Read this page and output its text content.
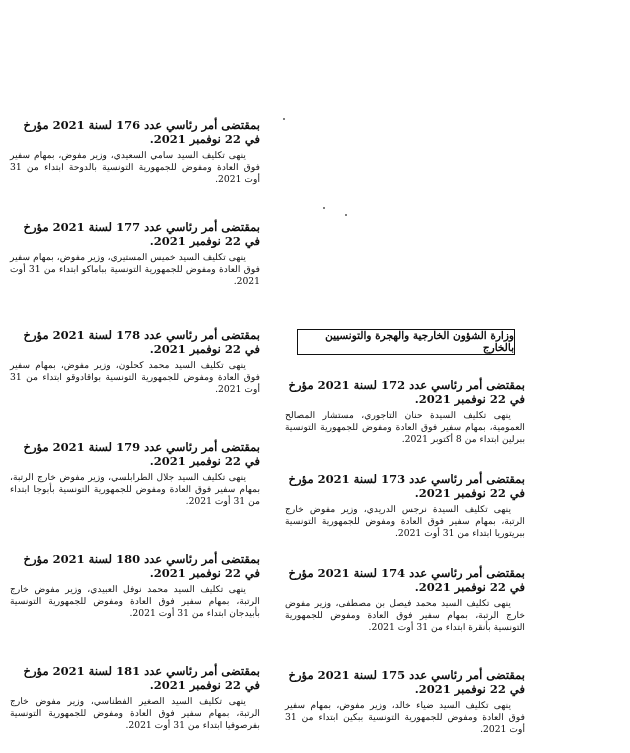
بمقتضى أمر رئاسي عدد 176 لسنة 2021 مؤرخ في 22 نوفمبر 2021.

ينهى تكليف السيد سامي السعيدي، وزير مفوض، بمهام سفير فوق العادة ومفوض للجمهورية التونسية بالدوحة ابتداء من 31 أوت 2021.

بمقتضى أمر رئاسي عدد 177 لسنة 2021 مؤرخ في 22 نوفمبر 2021.

ينهى تكليف السيد خميس المستيري، وزير مفوض، بمهام سفير فوق العادة ومفوض للجمهورية التونسية بباماكو ابتداء من 31 أوت 2021.

بمقتضى أمر رئاسي عدد 178 لسنة 2021 مؤرخ في 22 نوفمبر 2021.

ينهى تكليف السيد محمد كحلون، وزير مفوض، بمهام سفير فوق العادة ومفوض للجمهورية التونسية بواقادوقو ابتداء من 31 أوت 2021.

بمقتضى أمر رئاسي عدد 179 لسنة 2021 مؤرخ في 22 نوفمبر 2021.

ينهى تكليف السيد جلال الطرابلسي، وزير مفوض خارج الرتبة، بمهام سفير فوق العادة ومفوض للجمهورية التونسية بأبوجا ابتداء من 31 أوت 2021.

بمقتضى أمر رئاسي عدد 180 لسنة 2021 مؤرخ في 22 نوفمبر 2021.

ينهى تكليف السيد محمد نوفل العبيدي، وزير مفوض خارج الرتبة، بمهام سفير فوق العادة ومفوض للجمهورية التونسية بأبيدجان ابتداء من 31 أوت 2021.

بمقتضى أمر رئاسي عدد 181 لسنة 2021 مؤرخ في 22 نوفمبر 2021.

ينهى تكليف السيد الصغير الفطناسي، وزير مفوض خارج الرتبة، بمهام سفير فوق العادة ومفوض للجمهورية التونسية بفرصوفيا ابتداء من 31 أوت 2021.

وزارة الشؤون الخارجية والهجرة والتونسيين بالخارج

بمقتضى أمر رئاسي عدد 172 لسنة 2021 مؤرخ في 22 نوفمبر 2021.

ينهى تكليف السيدة حنان التاجوري، مستشار المصالح العمومية، بمهام سفير فوق العادة ومفوض للجمهورية التونسية ببرلين ابتداء من 8 أكتوبر 2021.

بمقتضى أمر رئاسي عدد 173 لسنة 2021 مؤرخ في 22 نوفمبر 2021.

ينهى تكليف السيدة نرجس الدريدي، وزير مفوض خارج الرتبة، بمهام سفير فوق العادة ومفوض للجمهورية التونسية ببريتوريا ابتداء من 31 أوت 2021.

بمقتضى أمر رئاسي عدد 174 لسنة 2021 مؤرخ في 22 نوفمبر 2021.

ينهى تكليف السيد محمد فيصل بن مصطفى، وزير مفوض خارج الرتبة، بمهام سفير فوق العادة ومفوض للجمهورية التونسية بأنقرة ابتداء من 31 أوت 2021.

بمقتضى أمر رئاسي عدد 175 لسنة 2021 مؤرخ في 22 نوفمبر 2021.

ينهى تكليف السيد ضياء خالد، وزير مفوض، بمهام سفير فوق العادة ومفوض للجمهورية التونسية ببكين ابتداء من 31 أوت 2021.
